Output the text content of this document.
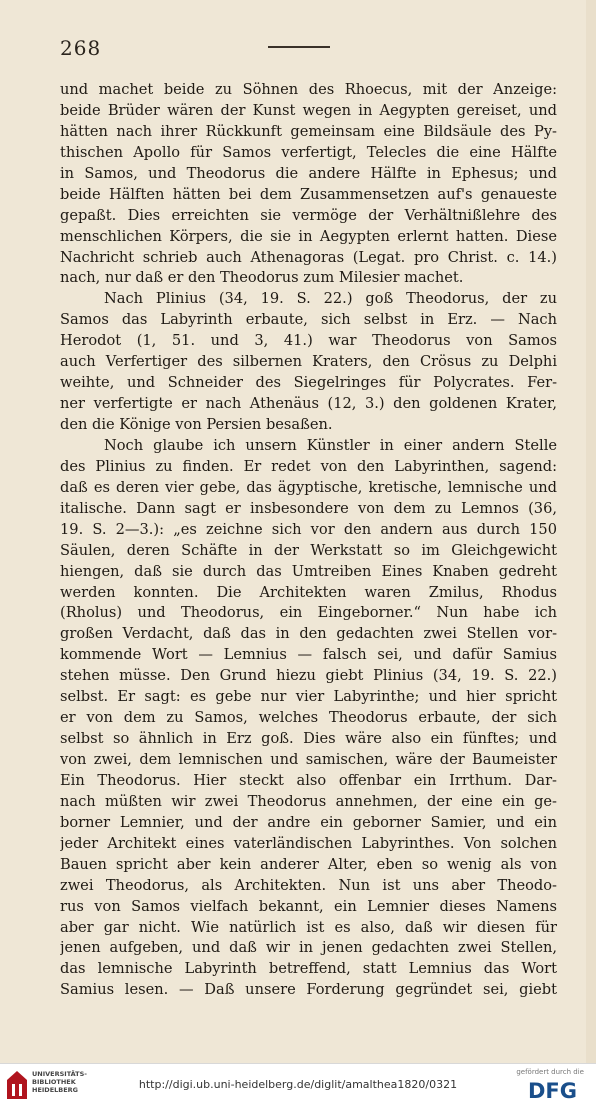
268
und machet beide zu Söhnen des Rhoecus, mit der Anzeige:
beide Brüder wären der Kunst wegen in Aegypten gereiset, und
hätten nach ihrer Rückkunft gemeinsam eine Bildsäule des Py-
thischen Apollo für Samos verfertigt, Telecles die eine Hälfte
in Samos, und Theodorus die andere Hälfte in Ephesus; und
beide Hälften hätten bei dem Zusammensetzen auf's genaueste
gepaßt. Dies erreichten sie vermöge der Verhältnißlehre des
menschlichen Körpers, die sie in Aegypten erlernt hatten. Diese
Nachricht schrieb auch Athenagoras (Legat. pro Christ. c. 14.)
nach, nur daß er den Theodorus zum Milesier machet.
Nach Plinius (34, 19. S. 22.) goß Theodorus, der zu
Samos das Labyrinth erbaute, sich selbst in Erz. — Nach
Herodot (1, 51. und 3, 41.) war Theodorus von Samos
auch Verfertiger des silbernen Kraters, den Crösus zu Delphi
weihte, und Schneider des Siegelringes für Polycrates. Fer-
ner verfertigte er nach Athenäus (12, 3.) den goldenen Krater,
den die Könige von Persien besaßen.
Noch glaube ich unsern Künstler in einer andern Stelle
des Plinius zu finden. Er redet von den Labyrinthen, sagend:
daß es deren vier gebe, das ägyptische, kretische, lemnische und
italische. Dann sagt er insbesondere von dem zu Lemnos (36,
19. S. 2—3.): „es zeichne sich vor den andern aus durch 150
Säulen, deren Schäfte in der Werkstatt so im Gleichgewicht
hiengen, daß sie durch das Umtreiben Eines Knaben gedreht
werden konnten. Die Architekten waren Zmilus, Rhodus
(Rholus) und Theodorus, ein Eingeborner.“ Nun habe ich
großen Verdacht, daß das in den gedachten zwei Stellen vor-
kommende Wort — Lemnius — falsch sei, und dafür Samius
stehen müsse. Den Grund hiezu giebt Plinius (34, 19. S. 22.)
selbst. Er sagt: es gebe nur vier Labyrinthe; und hier spricht
er von dem zu Samos, welches Theodorus erbaute, der sich
selbst so ähnlich in Erz goß. Dies wäre also ein fünftes; und
von zwei, dem lemnischen und samischen, wäre der Baumeister
Ein Theodorus. Hier steckt also offenbar ein Irrthum. Dar-
nach müßten wir zwei Theodorus annehmen, der eine ein ge-
borner Lemnier, und der andre ein geborner Samier, und ein
jeder Architekt eines vaterländischen Labyrinthes. Von solchen
Bauen spricht aber kein anderer Alter, eben so wenig als von
zwei Theodorus, als Architekten. Nun ist uns aber Theodo-
rus von Samos vielfach bekannt, ein Lemnier dieses Namens
aber gar nicht. Wie natürlich ist es also, daß wir diesen für
jenen aufgeben, und daß wir in jenen gedachten zwei Stellen,
das lemnische Labyrinth betreffend, statt Lemnius das Wort
Samius lesen. — Daß unsere Forderung gegründet sei, giebt
UNIVERSITÄTS-
BIBLIOTHEK
HEIDELBERG	http://digi.ub.uni-heidelberg.de/diglit/amalthea1820/0321
gefördert durch die
DFG
